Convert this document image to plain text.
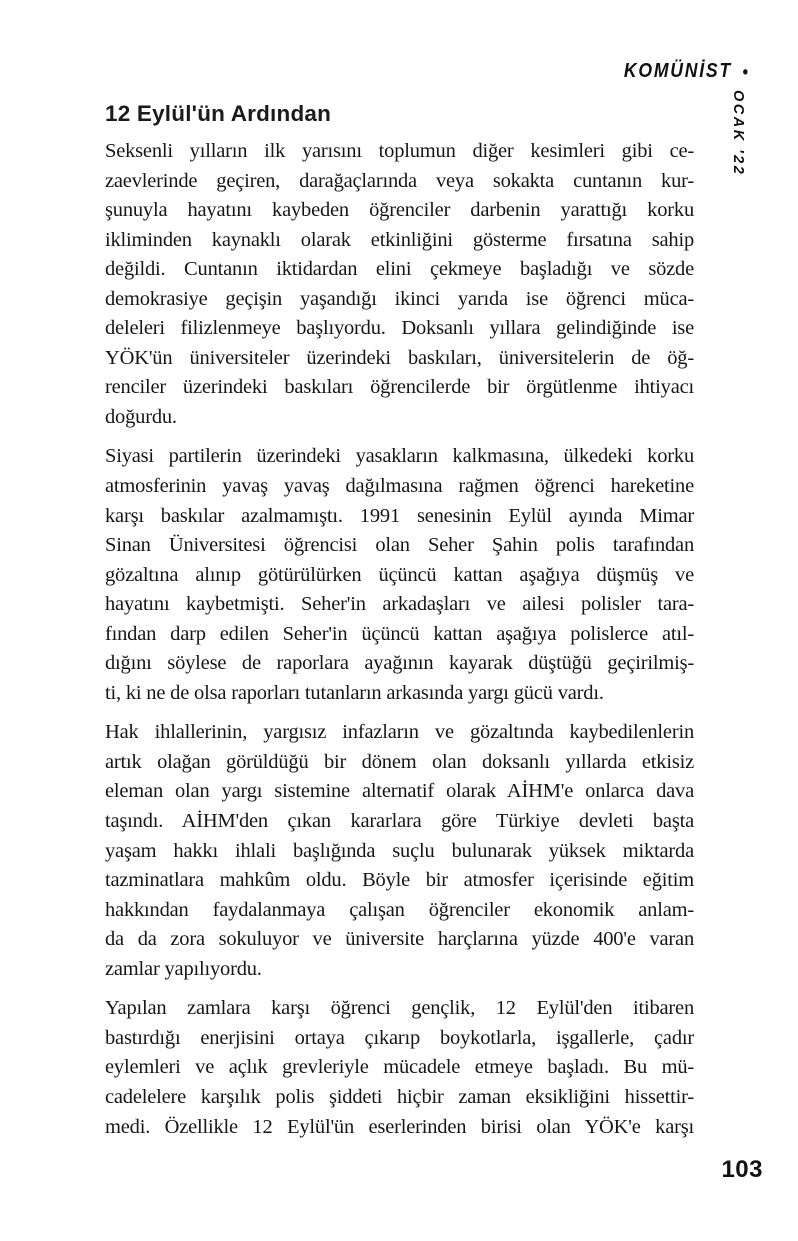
KOMÜNİST •
OCAK '22
12 Eylül'ün Ardından
Seksenli yılların ilk yarısını toplumun diğer kesimleri gibi ce-
zaevlerinde geçiren, darağaçlarında veya sokakta cuntanın kur-
şunuyla hayatını kaybeden öğrenciler darbenin yarattığı korku
ikliminden kaynaklı olarak etkinliğini gösterme fırsatına sahip
değildi. Cuntanın iktidardan elini çekmeye başladığı ve sözde
demokrasiye geçişin yaşandığı ikinci yarıda ise öğrenci müca-
deleleri filizlenmeye başlıyordu. Doksanlı yıllara gelindiğinde ise
YÖK'ün üniversiteler üzerindeki baskıları, üniversitelerin de öğ-
renciler üzerindeki baskıları öğrencilerde bir örgütlenme ihtiyacı
doğurdu.
Siyasi partilerin üzerindeki yasakların kalkmasına, ülkedeki korku
atmosferinin yavaş yavaş dağılmasına rağmen öğrenci hareketine
karşı baskılar azalmamıştı. 1991 senesinin Eylül ayında Mimar
Sinan Üniversitesi öğrencisi olan Seher Şahin polis tarafından
gözaltına alınıp götürülürken üçüncü kattan aşağıya düşmüş ve
hayatını kaybetmişti. Seher'in arkadaşları ve ailesi polisler tara-
fından darp edilen Seher'in üçüncü kattan aşağıya polislerce atıl-
dığını söylese de raporlara ayağının kayarak düştüğü geçirilmiş-
ti, ki ne de olsa raporları tutanların arkasında yargı gücü vardı.
Hak ihlallerinin, yargısız infazların ve gözaltında kaybedilenlerin
artık olağan görüldüğü bir dönem olan doksanlı yıllarda etkisiz
eleman olan yargı sistemine alternatif olarak AİHM'e onlarca dava
taşındı. AİHM'den çıkan kararlara göre Türkiye devleti başta
yaşam hakkı ihlali başlığında suçlu bulunarak yüksek miktarda
tazminatlara mahkûm oldu. Böyle bir atmosfer içerisinde eğitim
hakkından faydalanmaya çalışan öğrenciler ekonomik anlam-
da da zora sokuluyor ve üniversite harçlarına yüzde 400'e varan
zamlar yapılıyordu.
Yapılan zamlara karşı öğrenci gençlik, 12 Eylül'den itibaren
bastırdığı enerjisini ortaya çıkarıp boykotlarla, işgallerle, çadır
eylemleri ve açlık grevleriyle mücadele etmeye başladı. Bu mü-
cadelelere karşılık polis şiddeti hiçbir zaman eksikliğini hissettir-
medi. Özellikle 12 Eylül'ün eserlerinden birisi olan YÖK'e karşı
103
